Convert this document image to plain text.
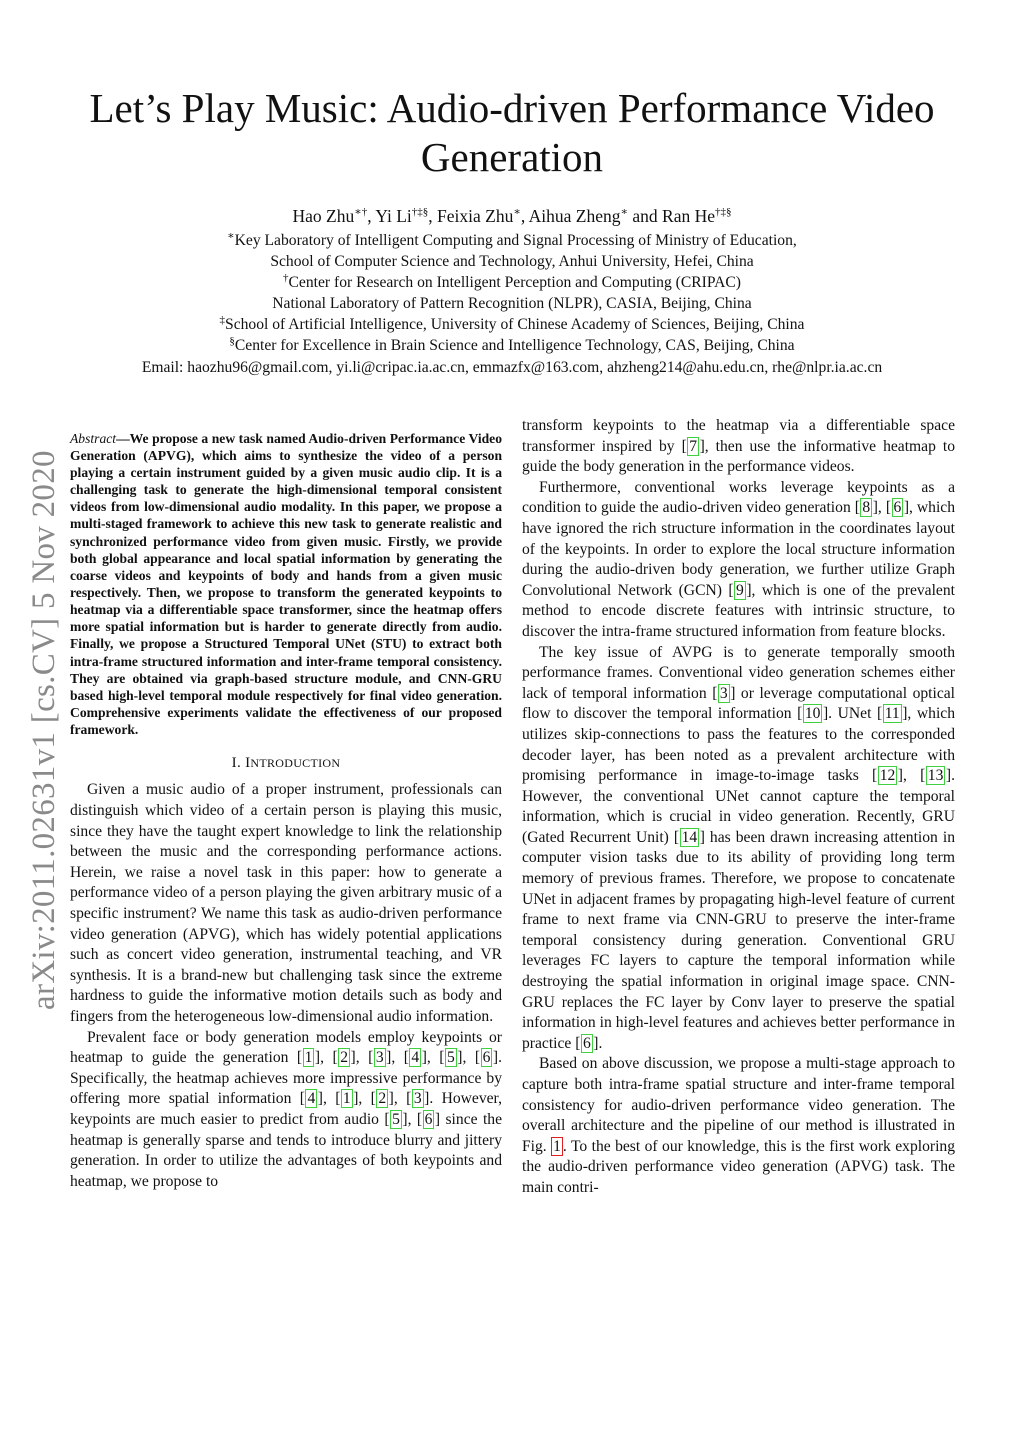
arXiv:2011.02631v1 [cs.CV] 5 Nov 2020
Let’s Play Music: Audio-driven Performance Video Generation
Hao Zhu∗†, Yi Li†‡§, Feixia Zhu∗, Aihua Zheng∗ and Ran He†‡§
∗Key Laboratory of Intelligent Computing and Signal Processing of Ministry of Education,
School of Computer Science and Technology, Anhui University, Hefei, China
†Center for Research on Intelligent Perception and Computing (CRIPAC)
National Laboratory of Pattern Recognition (NLPR), CASIA, Beijing, China
‡School of Artificial Intelligence, University of Chinese Academy of Sciences, Beijing, China
§Center for Excellence in Brain Science and Intelligence Technology, CAS, Beijing, China
Email: haozhu96@gmail.com, yi.li@cripac.ia.ac.cn, emmazfx@163.com, ahzheng214@ahu.edu.cn, rhe@nlpr.ia.ac.cn

Abstract—We propose a new task named Audio-driven Performance Video Generation (APVG), which aims to synthesize the video of a person playing a certain instrument guided by a given music audio clip. It is a challenging task to generate the high-dimensional temporal consistent videos from low-dimensional audio modality. In this paper, we propose a multi-staged framework to achieve this new task to generate realistic and synchronized performance video from given music. Firstly, we provide both global appearance and local spatial information by generating the coarse videos and keypoints of body and hands from a given music respectively. Then, we propose to transform the generated keypoints to heatmap via a differentiable space transformer, since the heatmap offers more spatial information but is harder to generate directly from audio. Finally, we propose a Structured Temporal UNet (STU) to extract both intra-frame structured information and inter-frame temporal consistency. They are obtained via graph-based structure module, and CNN-GRU based high-level temporal module respectively for final video generation. Comprehensive experiments validate the effectiveness of our proposed framework.

I. INTRODUCTION

Given a music audio of a proper instrument, professionals can distinguish which video of a certain person is playing this music, since they have the taught expert knowledge to link the relationship between the music and the corresponding performance actions. Herein, we raise a novel task in this paper: how to generate a performance video of a person playing the given arbitrary music of a specific instrument? We name this task as audio-driven performance video generation (APVG), which has widely potential applications such as concert video generation, instrumental teaching, and VR synthesis. It is a brand-new but challenging task since the extreme hardness to guide the informative motion details such as body and fingers from the heterogeneous low-dimensional audio information.

Prevalent face or body generation models employ keypoints or heatmap to guide the generation [ 1 ], [ 2 ], [ 3 ], [ 4 ], [ 5 ], [ 6 ]. Specifically, the heatmap achieves more impressive performance by offering more spatial information [ 4 ], [ 1 ], [ 2 ], [ 3 ]. However, keypoints are much easier to predict from audio [ 5 ], [ 6 ] since the heatmap is generally sparse and tends to introduce blurry and jittery generation. In order to utilize the advantages of both keypoints and heatmap, we propose to

transform keypoints to the heatmap via a differentiable space transformer inspired by [ 7 ], then use the informative heatmap to guide the body generation in the performance videos.

Furthermore, conventional works leverage keypoints as a condition to guide the audio-driven video generation [ 8 ], [ 6 ], which have ignored the rich structure information in the coordinates layout of the keypoints. In order to explore the local structure information during the audio-driven body generation, we further utilize Graph Convolutional Network (GCN) [ 9 ], which is one of the prevalent method to encode discrete features with intrinsic structure, to discover the intra-frame structured information from feature blocks.

The key issue of AVPG is to generate temporally smooth performance frames. Conventional video generation schemes either lack of temporal information [ 3 ] or leverage computational optical flow to discover the temporal information [ 10 ]. UNet [ 11 ], which utilizes skip-connections to pass the features to the corresponded decoder layer, has been noted as a prevalent architecture with promising performance in image-to-image tasks [ 12 ], [ 13 ]. However, the conventional UNet cannot capture the temporal information, which is crucial in video generation. Recently, GRU (Gated Recurrent Unit) [ 14 ] has been drawn increasing attention in computer vision tasks due to its ability of providing long term memory of previous frames. Therefore, we propose to concatenate UNet in adjacent frames by propagating high-level feature of current frame to next frame via CNN-GRU to preserve the inter-frame temporal consistency during generation. Conventional GRU leverages FC layers to capture the temporal information while destroying the spatial information in original image space. CNN-GRU replaces the FC layer by Conv layer to preserve the spatial information in high-level features and achieves better performance in practice [ 6 ].

Based on above discussion, we propose a multi-stage approach to capture both intra-frame spatial structure and inter-frame temporal consistency for audio-driven performance video generation. The overall architecture and the pipeline of our method is illustrated in Fig. 1 . To the best of our knowledge, this is the first work exploring the audio-driven performance video generation (APVG) task. The main contri-
